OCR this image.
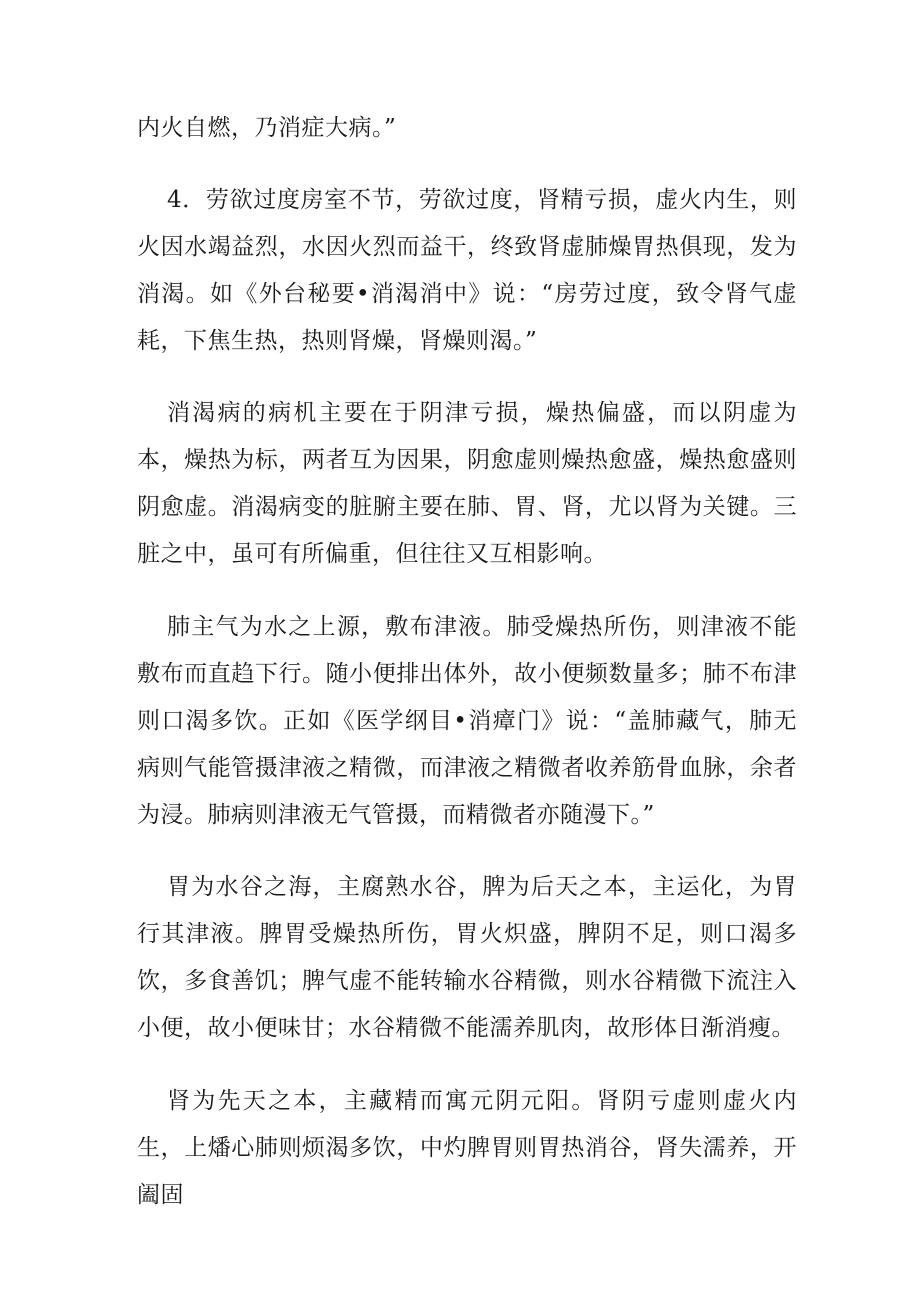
内火自燃，乃消症大病。”

4．劳欲过度房室不节，劳欲过度，肾精亏损，虚火内生，则火因水竭益烈，水因火烈而益干，终致肾虚肺燥胃热俱现，发为消渴。如《外台秘要•消渴消中》说：“房劳过度，致令肾气虚耗，下焦生热，热则肾燥，肾燥则渴。”

消渴病的病机主要在于阴津亏损，燥热偏盛，而以阴虚为本，燥热为标，两者互为因果，阴愈虚则燥热愈盛，燥热愈盛则阴愈虚。消渴病变的脏腑主要在肺、胃、肾，尤以肾为关键。三脏之中，虽可有所偏重，但往往又互相影响。

肺主气为水之上源，敷布津液。肺受燥热所伤，则津液不能敷布而直趋下行。随小便排出体外，故小便频数量多；肺不布津则口渴多饮。正如《医学纲目•消瘴门》说：“盖肺藏气，肺无病则气能管摄津液之精微，而津液之精微者收养筋骨血脉，余者为浸。肺病则津液无气管摄，而精微者亦随漫下。”

胃为水谷之海，主腐熟水谷，脾为后天之本，主运化，为胃行其津液。脾胃受燥热所伤，胃火炽盛，脾阴不足，则口渴多饮，多食善饥；脾气虚不能转输水谷精微，则水谷精微下流注入小便，故小便味甘；水谷精微不能濡养肌肉，故形体日渐消瘦。

肾为先天之本，主藏精而寓元阴元阳。肾阴亏虚则虚火内生，上燔心肺则烦渴多饮，中灼脾胃则胃热消谷，肾失濡养，开阖固
